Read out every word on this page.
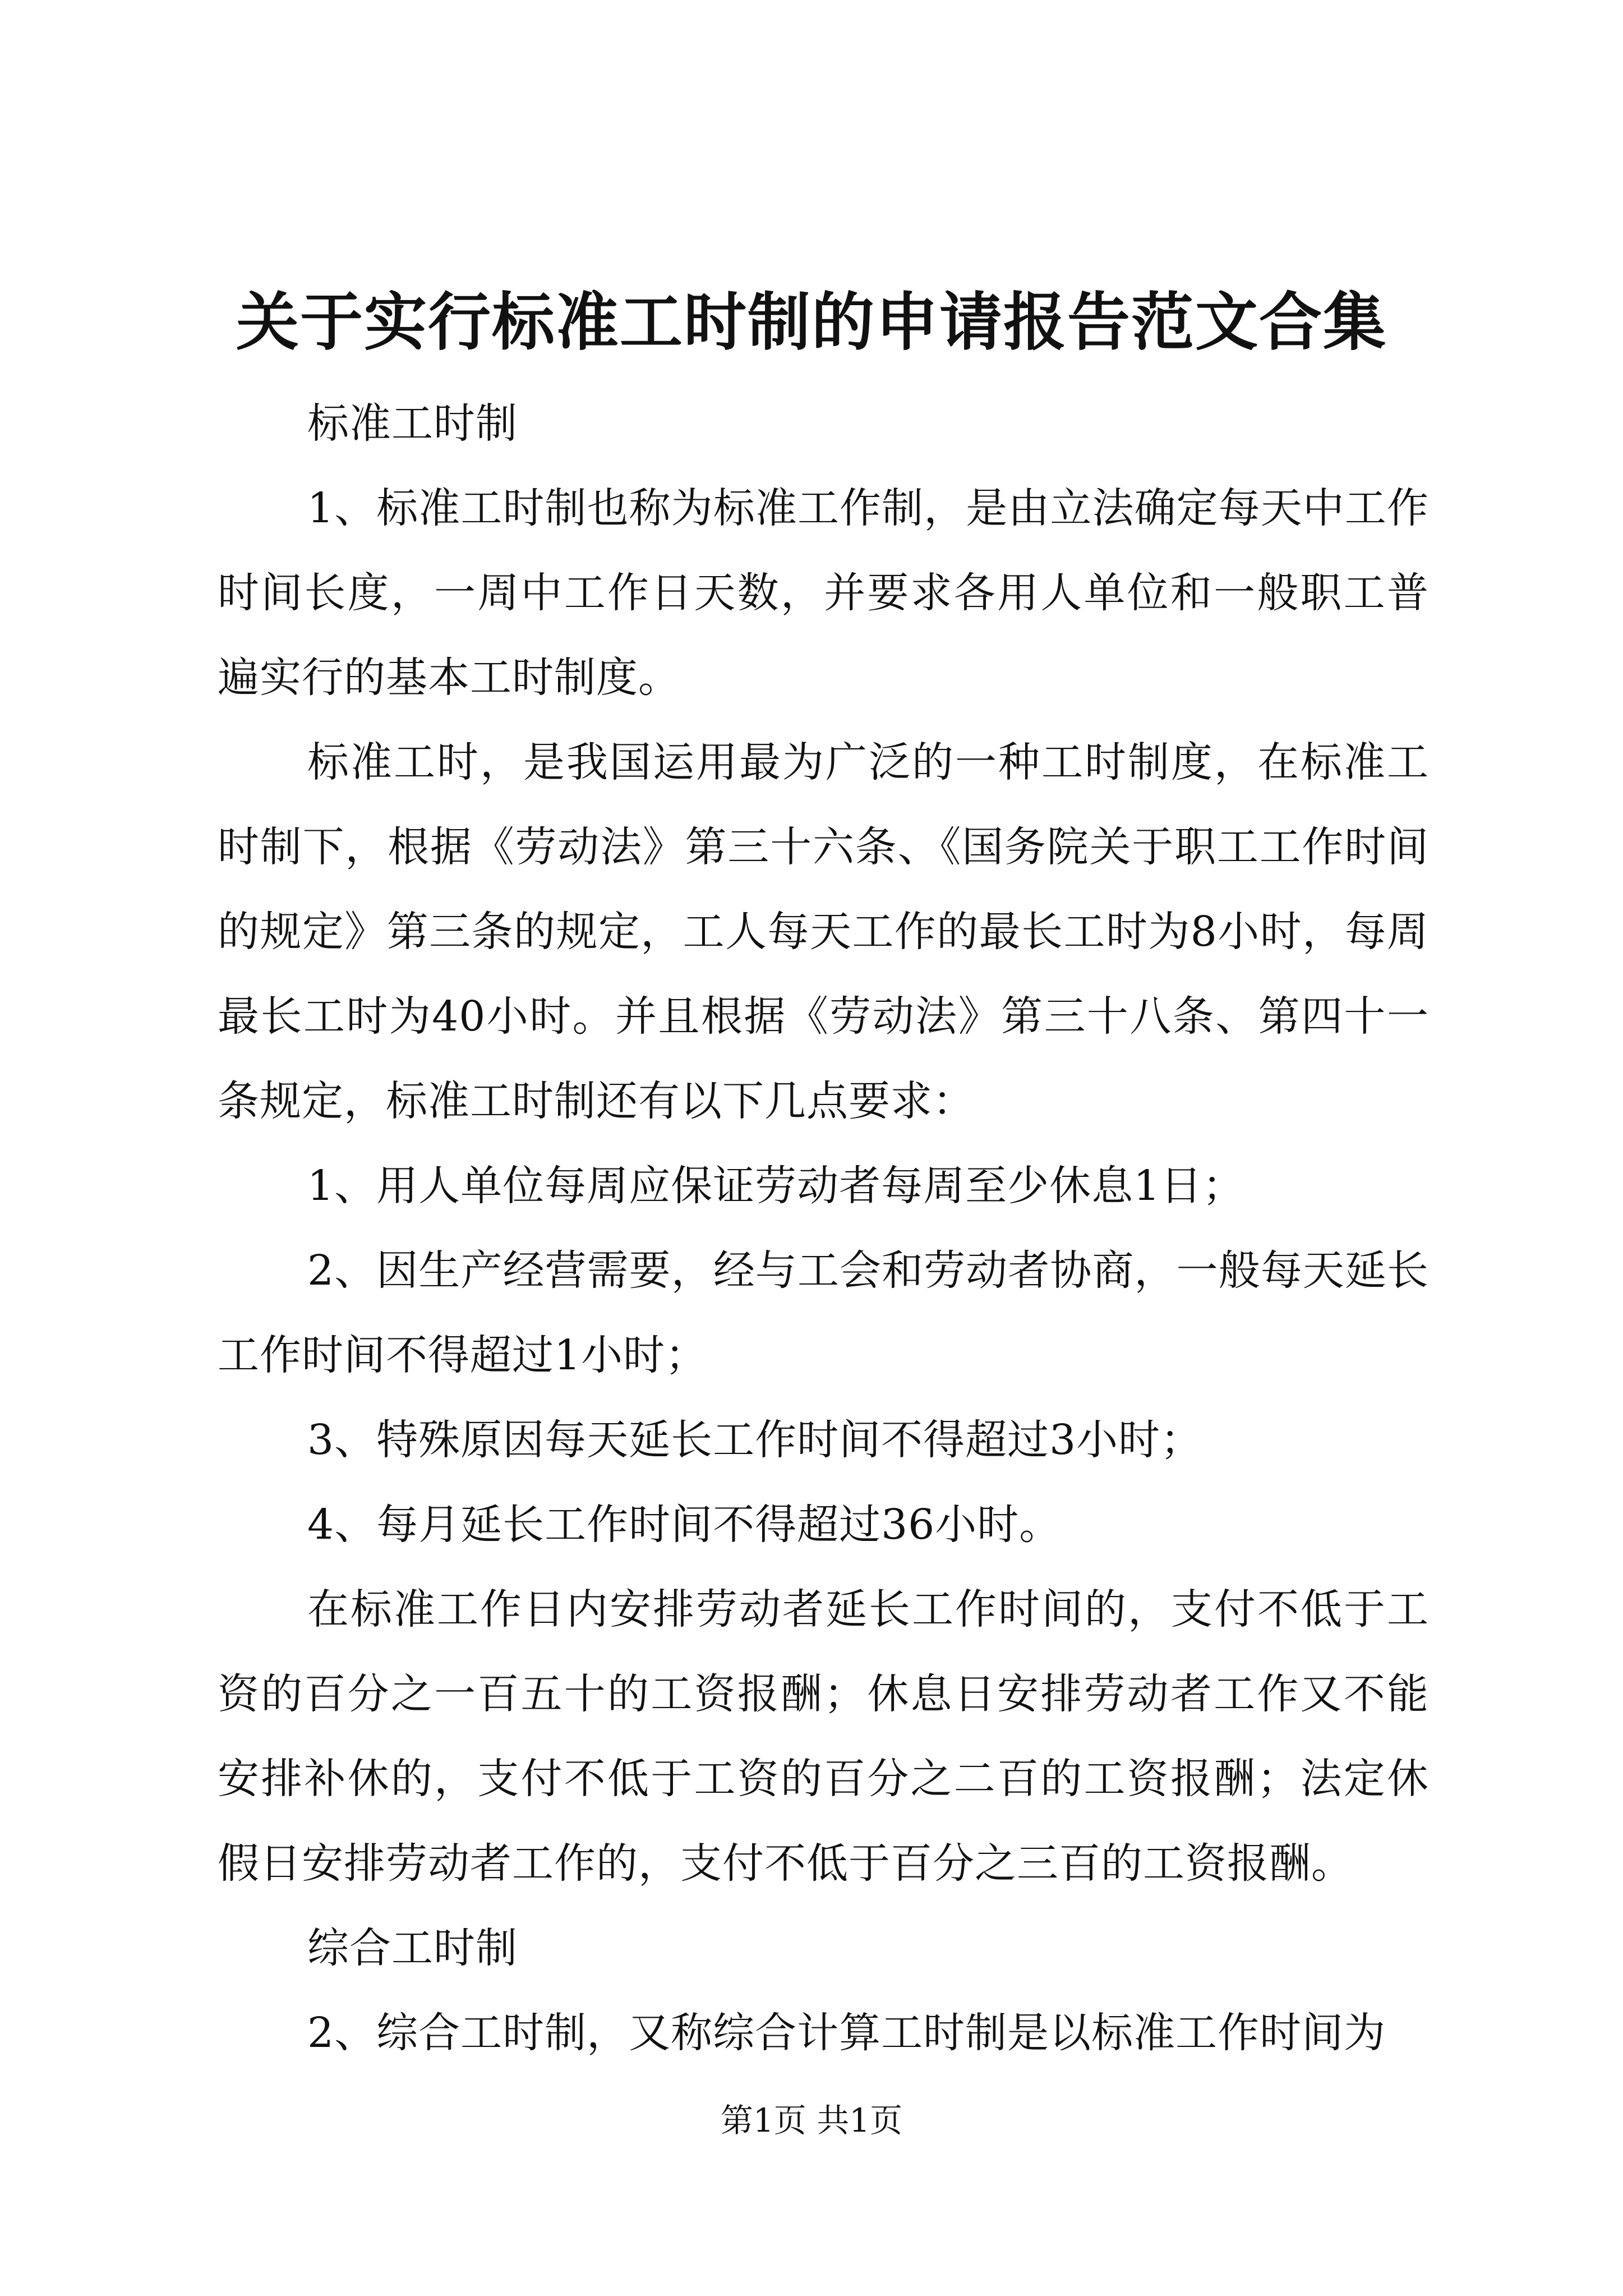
关于实行标准工时制的申请报告范文合集

标准工时制

1、标准工时制也称为标准工作制，是由立法确定每天中工作时间长度，一周中工作日天数，并要求各用人单位和一般职工普遍实行的基本工时制度。

标准工时，是我国运用最为广泛的一种工时制度，在标准工时制下，根据《劳动法》第三十六条、《国务院关于职工工作时间的规定》第三条的规定，工人每天工作的最长工时为8小时，每周最长工时为40小时。并且根据《劳动法》第三十八条、第四十一条规定，标准工时制还有以下几点要求：

1、用人单位每周应保证劳动者每周至少休息1日；

2、因生产经营需要，经与工会和劳动者协商，一般每天延长工作时间不得超过1小时；

3、特殊原因每天延长工作时间不得超过3小时；

4、每月延长工作时间不得超过36小时。

在标准工作日内安排劳动者延长工作时间的，支付不低于工资的百分之一百五十的工资报酬；休息日安排劳动者工作又不能安排补休的，支付不低于工资的百分之二百的工资报酬；法定休假日安排劳动者工作的，支付不低于百分之三百的工资报酬。

综合工时制

2、综合工时制，又称综合计算工时制是以标准工作时间为

第1页 共1页
